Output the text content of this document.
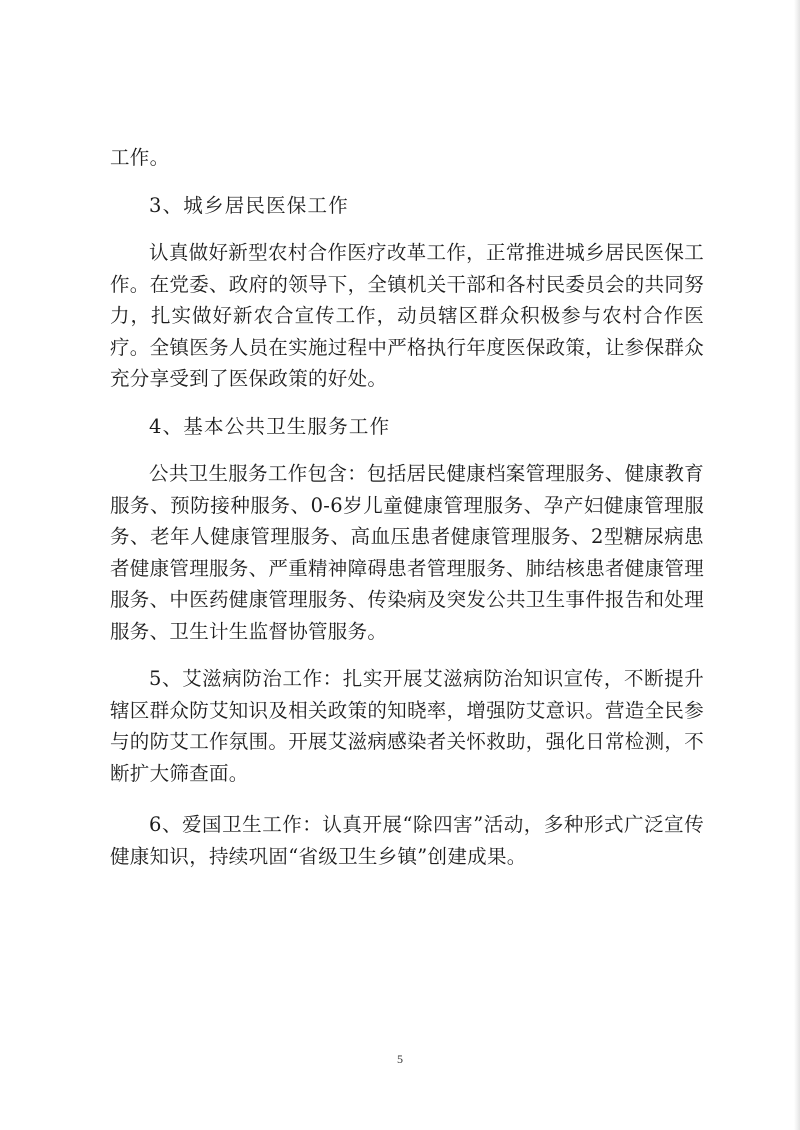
工作。

3、城乡居民医保工作

认真做好新型农村合作医疗改革工作，正常推进城乡居民医保工作。在党委、政府的领导下，全镇机关干部和各村民委员会的共同努力，扎实做好新农合宣传工作，动员辖区群众积极参与农村合作医疗。全镇医务人员在实施过程中严格执行年度医保政策，让参保群众充分享受到了医保政策的好处。

4、基本公共卫生服务工作

公共卫生服务工作包含：包括居民健康档案管理服务、健康教育服务、预防接种服务、0-6岁儿童健康管理服务、孕产妇健康管理服务、老年人健康管理服务、高血压患者健康管理服务、2型糖尿病患者健康管理服务、严重精神障碍患者管理服务、肺结核患者健康管理服务、中医药健康管理服务、传染病及突发公共卫生事件报告和处理服务、卫生计生监督协管服务。

5、艾滋病防治工作：扎实开展艾滋病防治知识宣传，不断提升辖区群众防艾知识及相关政策的知晓率，增强防艾意识。营造全民参与的防艾工作氛围。开展艾滋病感染者关怀救助，强化日常检测，不断扩大筛查面。

6、爱国卫生工作：认真开展“除四害”活动，多种形式广泛宣传健康知识，持续巩固“省级卫生乡镇”创建成果。

5
